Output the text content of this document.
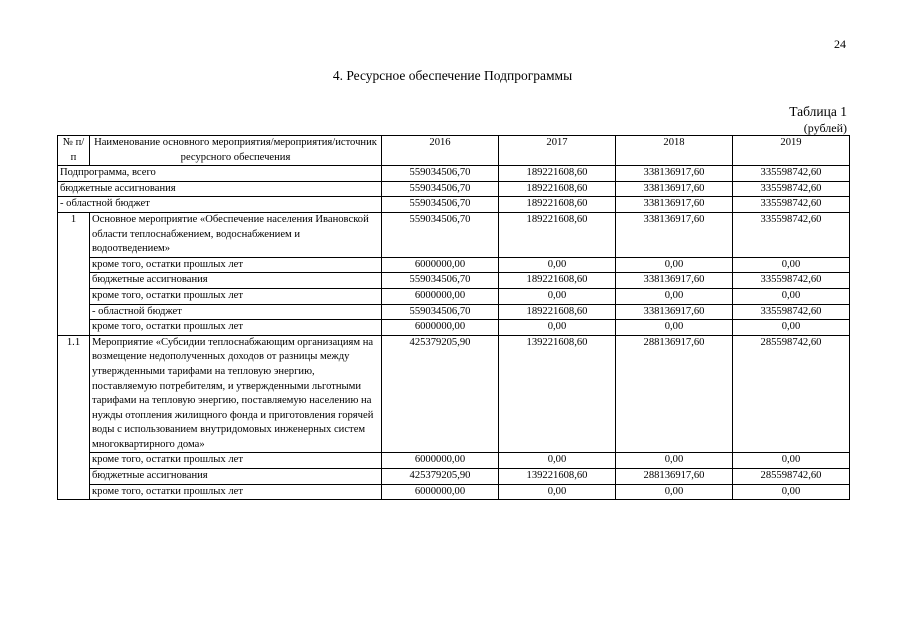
24
4. Ресурсное обеспечение Подпрограммы
Таблица 1
(рублей)
№ п/п	Наименование основного мероприятия/мероприятия/источник ресурсного обеспечения	2016	2017	2018	2019
Подпрограмма, всего		559034506,70	189221608,60	338136917,60	335598742,60
бюджетные ассигнования		559034506,70	189221608,60	338136917,60	335598742,60
- областной бюджет		559034506,70	189221608,60	338136917,60	335598742,60
1	Основное мероприятие «Обеспечение населения Ивановской области теплоснабжением, водоснабжением и водоотведением»	559034506,70	189221608,60	338136917,60	335598742,60
	кроме того, остатки прошлых лет	6000000,00	0,00	0,00	0,00
	бюджетные ассигнования	559034506,70	189221608,60	338136917,60	335598742,60
	кроме того, остатки прошлых лет	6000000,00	0,00	0,00	0,00
	- областной бюджет	559034506,70	189221608,60	338136917,60	335598742,60
	кроме того, остатки прошлых лет	6000000,00	0,00	0,00	0,00
1.1	Мероприятие «Субсидии теплоснабжающим организациям на возмещение недополученных доходов от разницы между утвержденными тарифами на тепловую энергию, поставляемую потребителям, и утвержденными льготными тарифами на тепловую энергию, поставляемую населению на нужды отопления жилищного фонда и приготовления горячей воды с использованием внутридомовых инженерных систем многоквартирного дома»	425379205,90	139221608,60	288136917,60	285598742,60
	кроме того, остатки прошлых лет	6000000,00	0,00	0,00	0,00
	бюджетные ассигнования	425379205,90	139221608,60	288136917,60	285598742,60
	кроме того, остатки прошлых лет	6000000,00	0,00	0,00	0,00
